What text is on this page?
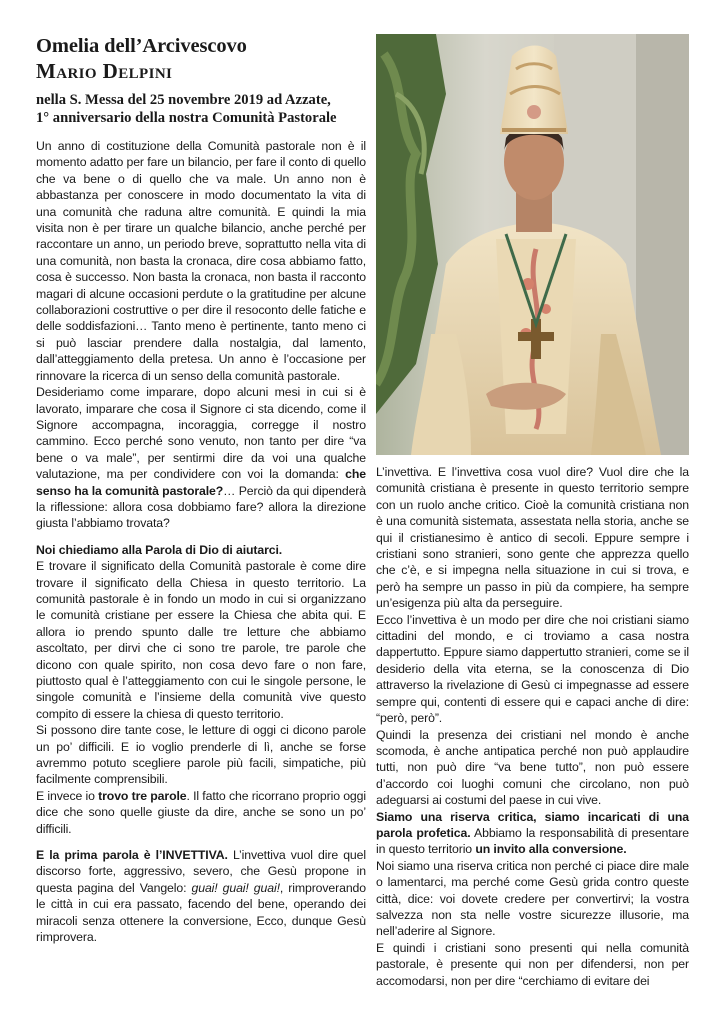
Omelia dell’Arcivescovo

Mario Delpini

nella S. Messa del 25 novembre 2019 ad Azzate,
1° anniversario della nostra Comunità Pastorale

Un anno di costituzione della Comunità pastorale non è il momento adatto per fare un bilancio, per fare il conto di quello che va bene o di quello che va male. Un anno non è abbastanza per conoscere in modo documentato la vita di una comunità che raduna altre comunità. E quindi la mia visita non è per tirare un qualche bilancio, anche perché per raccontare un anno, un periodo breve, soprattutto nella vita di una comunità, non basta la cronaca, dire cosa abbiamo fatto, cosa è successo. Non basta la cronaca, non basta il racconto magari di alcune occasioni perdute o la gratitudine per alcune collaborazioni costruttive o per dire il resoconto delle fatiche e delle soddisfazioni… Tanto meno è pertinente, tanto meno ci si può lasciar prendere dalla nostalgia, dal lamento, dall’atteggiamento della pretesa. Un anno è l’occasione per rinnovare la ricerca di un senso della comunità pastorale.

Desideriamo come imparare, dopo alcuni mesi in cui si è lavorato, imparare che cosa il Signore ci sta dicendo, come il Signore accompagna, incoraggia, corregge il nostro cammino. Ecco perché sono venuto, non tanto per dire “va bene o va male”, per sentirmi dire da voi una qualche valutazione, ma per condividere con voi la domanda: che senso ha la comunità pastorale?… Perciò da qui dipenderà la riflessione: allora cosa dobbiamo fare? allora la direzione giusta l’abbiamo trovata?

Noi chiediamo alla Parola di Dio di aiutarci.

E trovare il significato della Comunità pastorale è come dire trovare il significato della Chiesa in questo territorio. La comunità pastorale è in fondo un modo in cui si organizzano le comunità cristiane per essere la Chiesa che abita qui. E allora io prendo spunto dalle tre letture che abbiamo ascoltato, per dirvi che ci sono tre parole, tre parole che dicono con quale spirito, non cosa devo fare o non fare, piuttosto qual è l’atteggiamento con cui le singole persone, le singole comunità e l’insieme della comunità vive questo compito di essere la chiesa di questo territorio.

Si possono dire tante cose, le letture di oggi ci dicono parole un po’ difficili. E io voglio prenderle di lì, anche se forse avremmo potuto scegliere parole più facili, simpatiche, più facilmente comprensibili.

E invece io trovo tre parole. Il fatto che ricorrano proprio oggi dice che sono quelle giuste da dire, anche se sono un po’ difficili.

E la prima parola è l’INVETTIVA. L’invettiva vuol dire quel discorso forte, aggressivo, severo, che Gesù propone in questa pagina del Vangelo: guai! guai! guai!, rimproverando le città in cui era passato, facendo del bene, operando dei miracoli senza ottenere la conversione, Ecco, dunque Gesù rimprovera.

L’invettiva. E l’invettiva cosa vuol dire? Vuol dire che la comunità cristiana è presente in questo territorio sempre con un ruolo anche critico. Cioè la comunità cristiana non è una comunità sistemata, assestata nella storia, anche se qui il cristianesimo è antico di secoli. Eppure sempre i cristiani sono stranieri, sono gente che apprezza quello che c’è, e si impegna nella situazione in cui si trova, e però ha sempre un passo in più da compiere, ha sempre un’esigenza più alta da perseguire.

Ecco l’invettiva è un modo per dire che noi cristiani siamo cittadini del mondo, e ci troviamo a casa nostra dappertutto. Eppure siamo dappertutto stranieri, come se il desiderio della vita eterna, se la conoscenza di Dio attraverso la rivelazione di Gesù ci impegnasse ad essere sempre qui, contenti di essere qui e capaci anche di dire: “però, però”.

Quindi la presenza dei cristiani nel mondo è anche scomoda, è anche antipatica perché non può applaudire tutti, non può dire “va bene tutto”, non può essere d’accordo coi luoghi comuni che circolano, non può adeguarsi ai costumi del paese in cui vive.

Siamo una riserva critica, siamo incaricati di una parola profetica. Abbiamo la responsabilità di presentare in questo territorio un invito alla conversione.

Noi siamo una riserva critica non perché ci piace dire male o lamentarci, ma perché come Gesù grida contro queste città, dice: voi dovete credere per convertirvi; la vostra salvezza non sta nelle vostre sicurezze illusorie, ma nell’aderire al Signore.

E quindi i cristiani sono presenti qui nella comunità pastorale, è presente qui non per difendersi, non per accomodarsi, non per dire “cerchiamo di evitare dei
